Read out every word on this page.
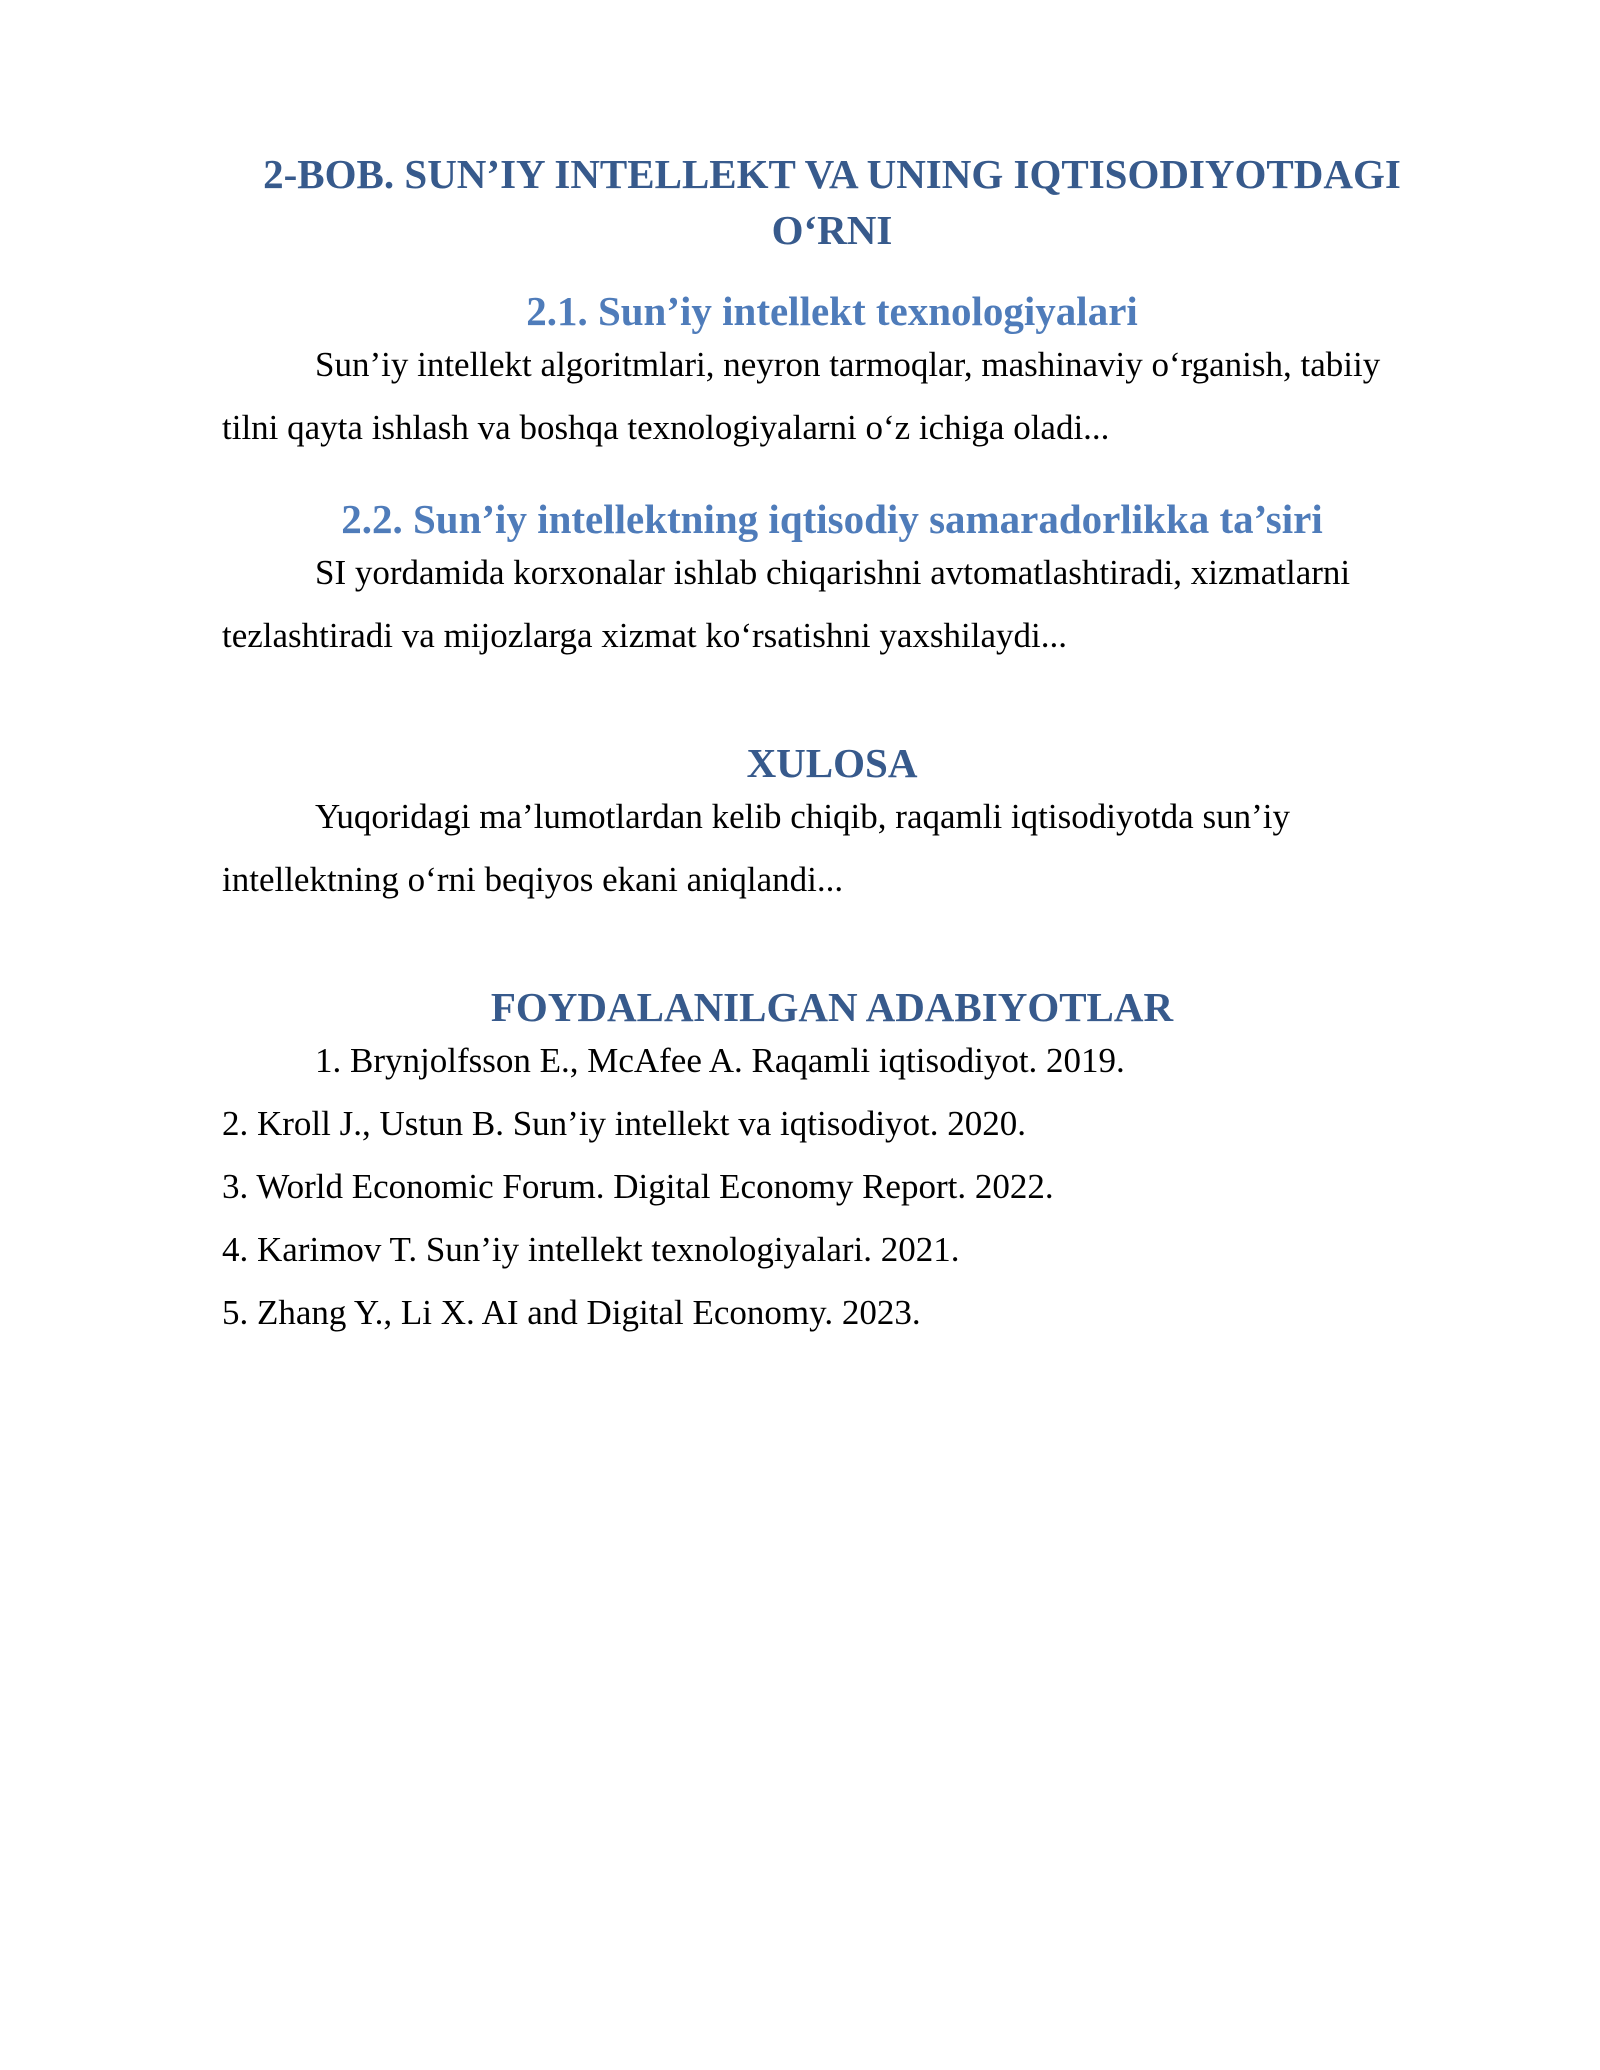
2-BOB. SUN’IY INTELLEKT VA UNING IQTISODIYOTDAGI O‘RNI
2.1. Sun’iy intellekt texnologiyalari

Sun’iy intellekt algoritmlari, neyron tarmoqlar, mashinaviy o‘rganish, tabiiy tilni qayta ishlash va boshqa texnologiyalarni o‘z ichiga oladi...

2.2. Sun’iy intellektning iqtisodiy samaradorlikka ta’siri

SI yordamida korxonalar ishlab chiqarishni avtomatlashtiradi, xizmatlarni tezlashtiradi va mijozlarga xizmat ko‘rsatishni yaxshilaydi...

XULOSA

Yuqoridagi ma’lumotlardan kelib chiqib, raqamli iqtisodiyotda sun’iy intellektning o‘rni beqiyos ekani aniqlandi...

FOYDALANILGAN ADABIYOTLAR
1. Brynjolfsson E., McAfee A. Raqamli iqtisodiyot. 2019.
2. Kroll J., Ustun B. Sun’iy intellekt va iqtisodiyot. 2020.
3. World Economic Forum. Digital Economy Report. 2022.
4. Karimov T. Sun’iy intellekt texnologiyalari. 2021.
5. Zhang Y., Li X. AI and Digital Economy. 2023.
